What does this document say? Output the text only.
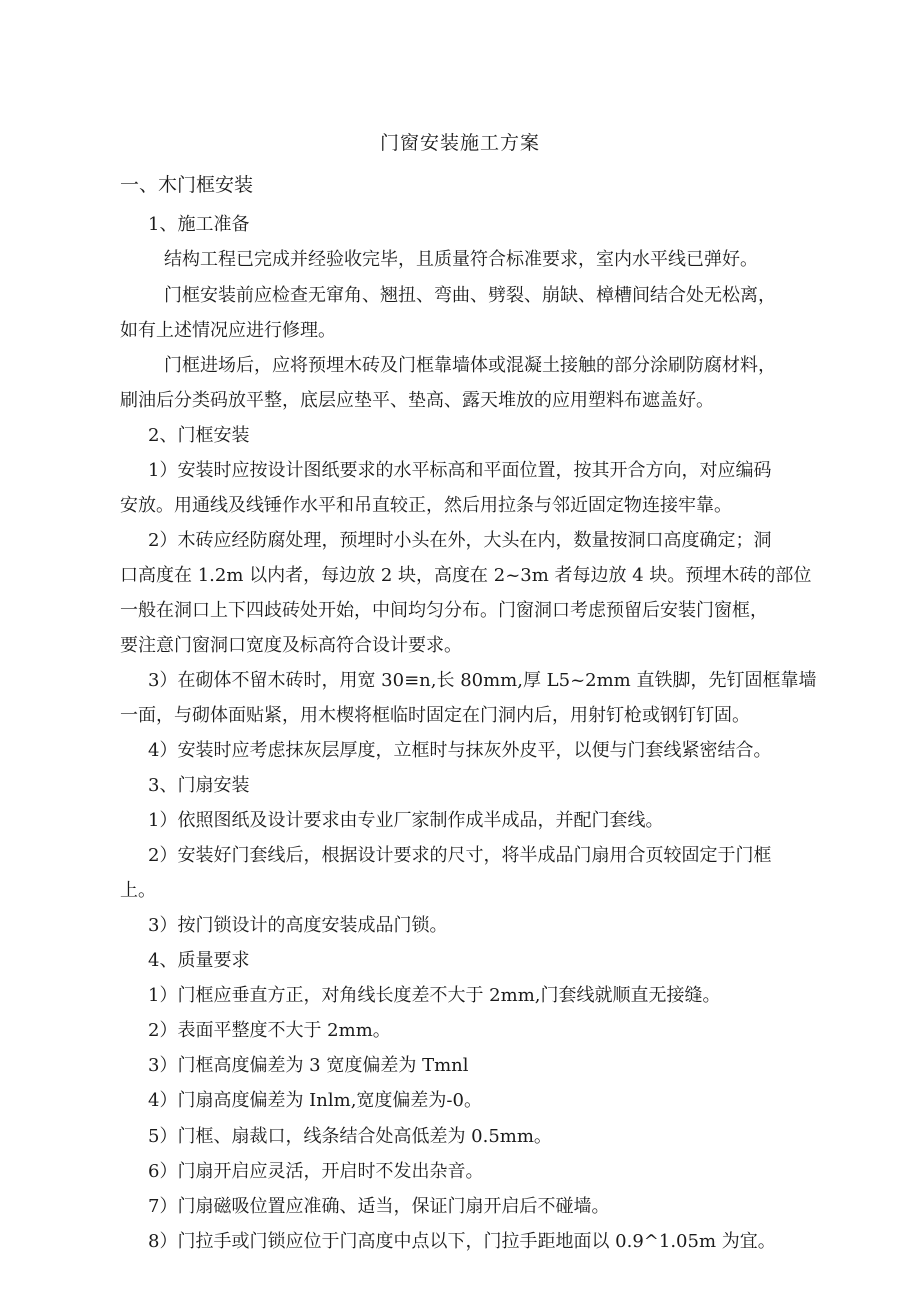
门窗安装施工方案
一、木门框安装
1、施工准备
结构工程已完成并经验收完毕，且质量符合标准要求，室内水平线已弹好。
门框安装前应检查无窜角、翘扭、弯曲、劈裂、崩缺、樟槽间结合处无松离，
如有上述情况应进行修理。
门框进场后，应将预埋木砖及门框靠墙体或混凝土接触的部分涂刷防腐材料，
刷油后分类码放平整，底层应垫平、垫高、露天堆放的应用塑料布遮盖好。
2、门框安装
1）安装时应按设计图纸要求的水平标高和平面位置，按其开合方向，对应编码
安放。用通线及线锤作水平和吊直较正，然后用拉条与邻近固定物连接牢靠。
2）木砖应经防腐处理，预埋时小头在外，大头在内，数量按洞口高度确定；洞
口高度在 1.2m 以内者，每边放 2 块，高度在 2~3m 者每边放 4 块。预埋木砖的部位
一般在洞口上下四歧砖处开始，中间均匀分布。门窗洞口考虑预留后安装门窗框，
要注意门窗洞口宽度及标高符合设计要求。
3）在砌体不留木砖时，用宽 30≡n,长 80mm,厚 L5~2mm 直铁脚，先钉固框靠墙
一面，与砌体面贴紧，用木楔将框临时固定在门洞内后，用射钉枪或钢钉钉固。
4）安装时应考虑抹灰层厚度，立框时与抹灰外皮平，以便与门套线紧密结合。
3、门扇安装
1）依照图纸及设计要求由专业厂家制作成半成品，并配门套线。
2）安装好门套线后，根据设计要求的尺寸，将半成品门扇用合页较固定于门框
上。
3）按门锁设计的高度安装成品门锁。
4、质量要求
1）门框应垂直方正，对角线长度差不大于 2mm,门套线就顺直无接缝。
2）表面平整度不大于 2mm。
3）门框高度偏差为 3 宽度偏差为 Tmnl
4）门扇高度偏差为 Inlm,宽度偏差为-0。
5）门框、扇裁口，线条结合处高低差为 0.5mm。
6）门扇开启应灵活，开启时不发出杂音。
7）门扇磁吸位置应准确、适当，保证门扇开启后不碰墙。
8）门拉手或门锁应位于门高度中点以下，门拉手距地面以 0.9^1.05m 为宜。
